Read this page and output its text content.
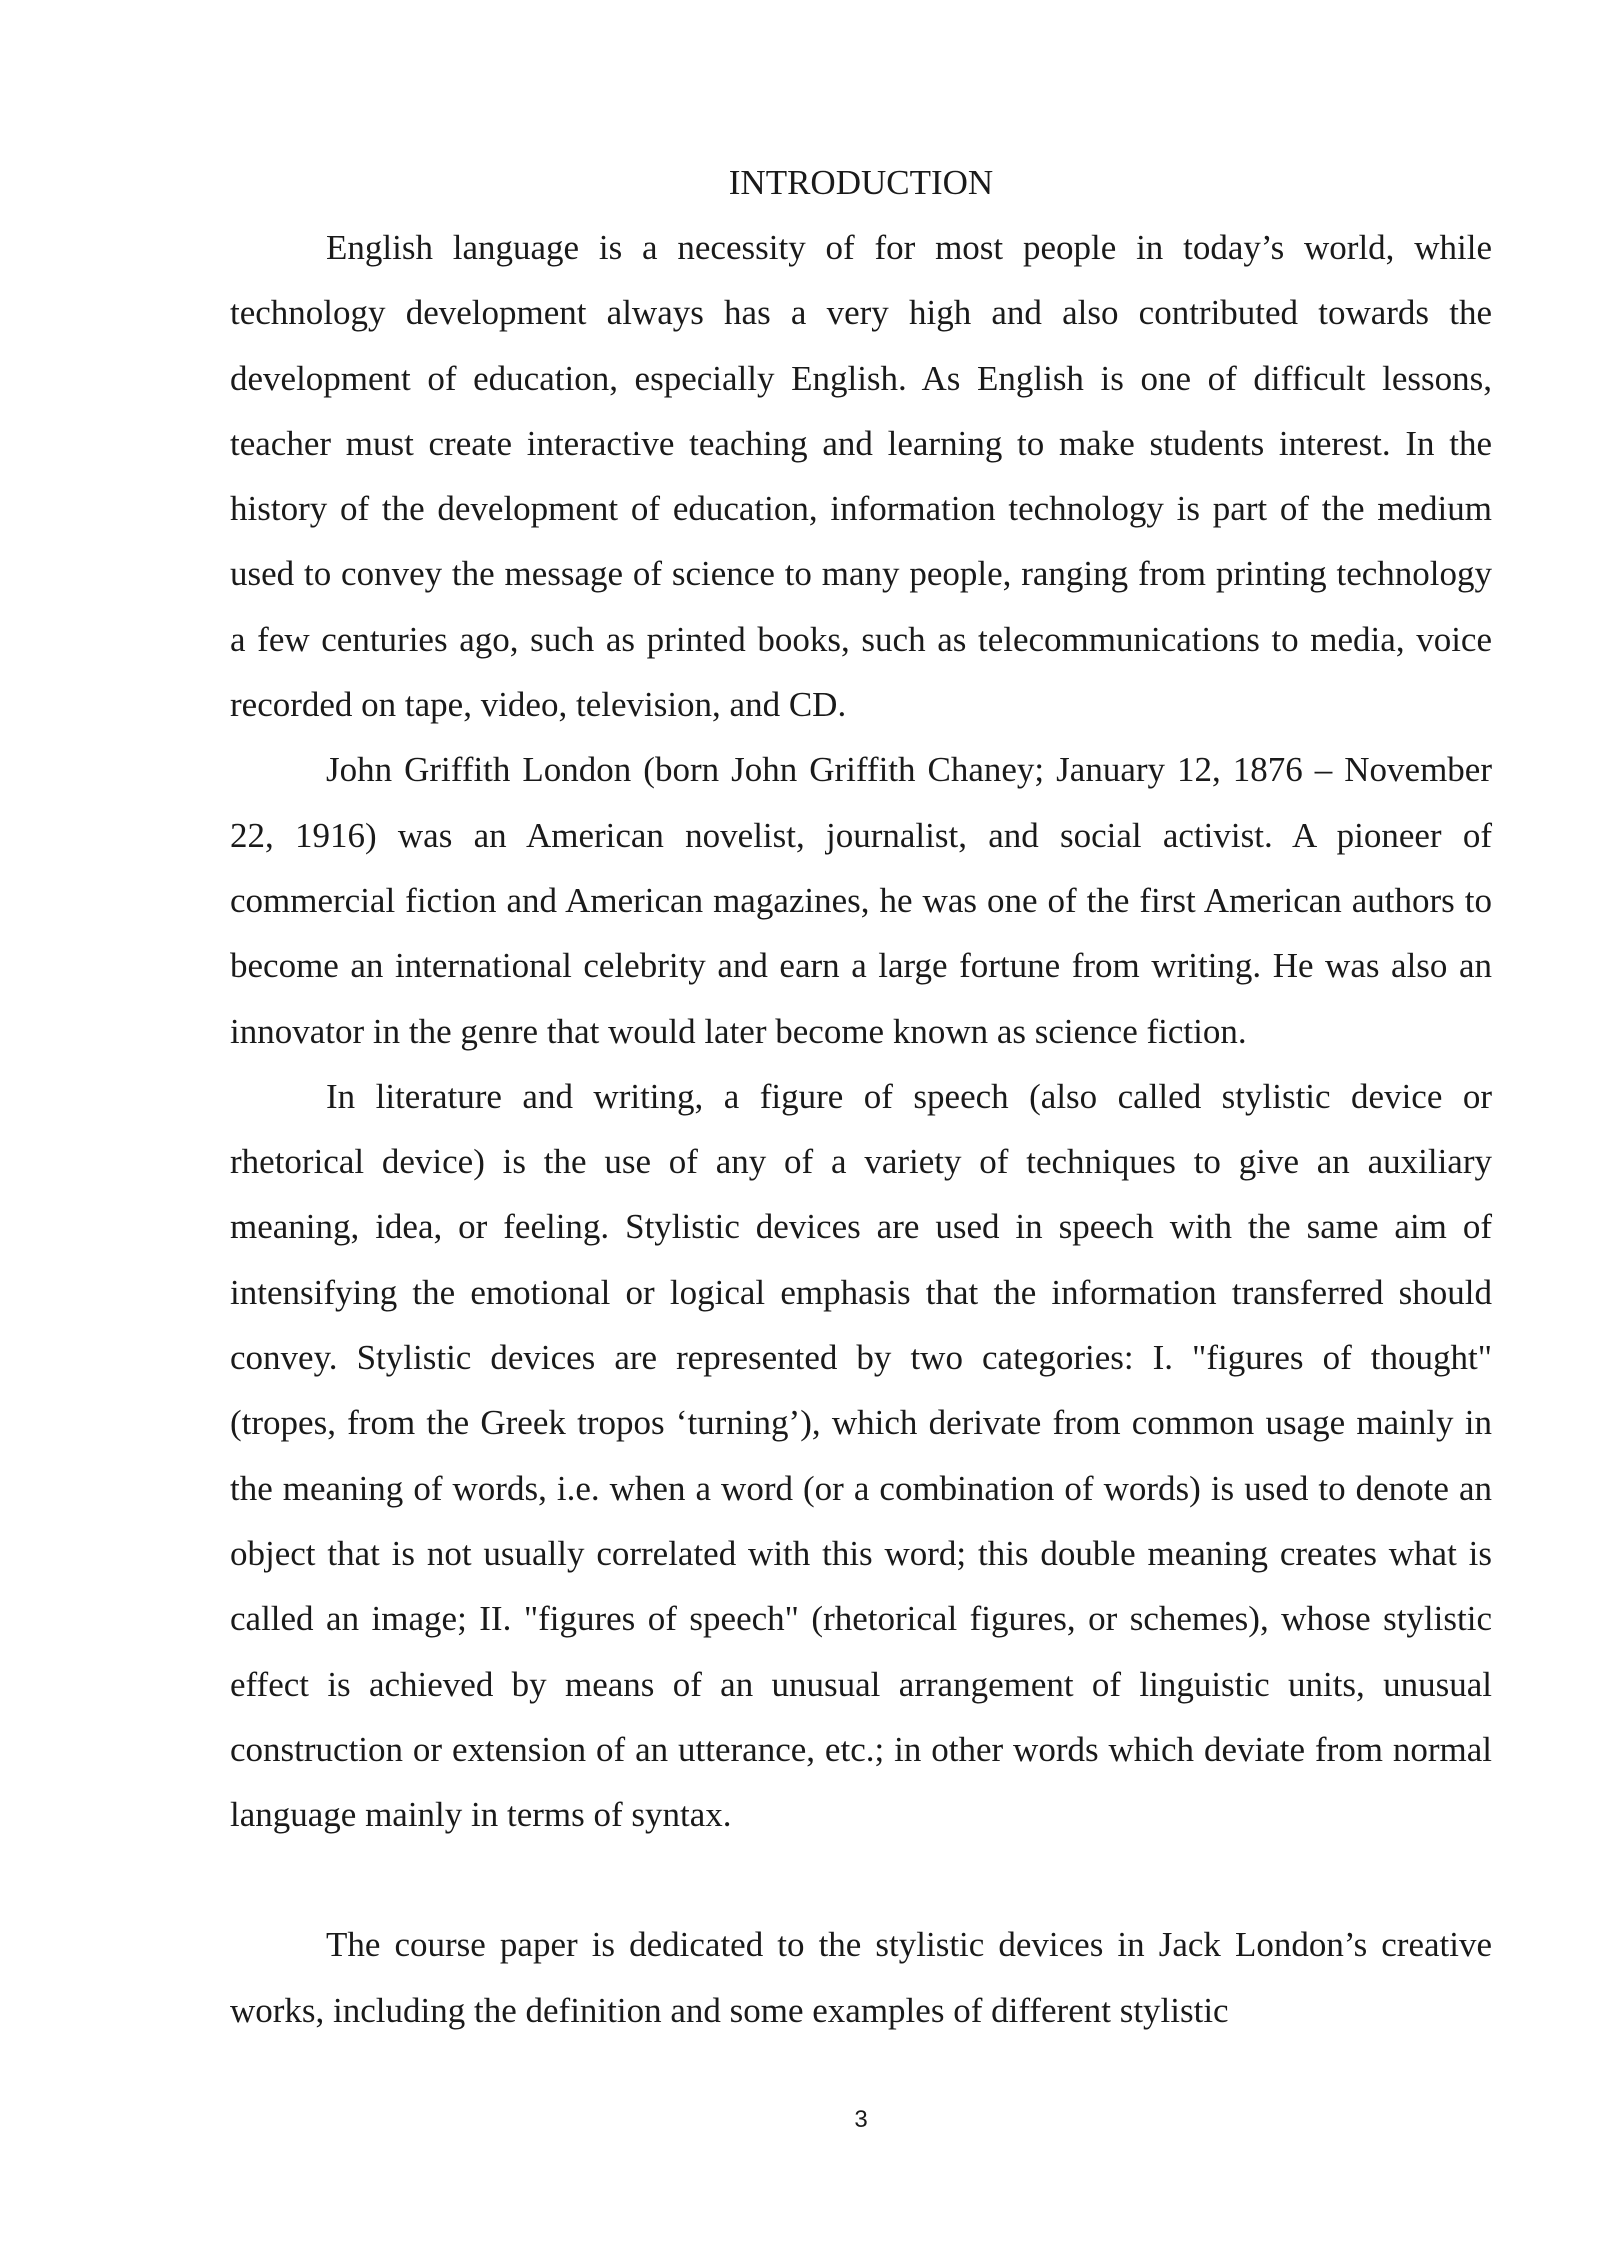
INTRODUCTION

English language is a necessity of for most people in today’s world, while technology development always has a very high and also contributed towards the development of education, especially English. As English is one of difficult lessons, teacher must create interactive teaching and learning to make students interest. In the history of the development of education, information technology is part of the medium used to convey the message of science to many people, ranging from printing technology a few centuries ago, such as printed books, such as telecommunications to media, voice recorded on tape, video, television, and CD.

John Griffith London (born John Griffith Chaney; January 12, 1876 – November 22, 1916) was an American novelist, journalist, and social activist. A pioneer of commercial fiction and American magazines, he was one of the first American authors to become an international celebrity and earn a large fortune from writing. He was also an innovator in the genre that would later become known as science fiction.

In literature and writing, a figure of speech (also called stylistic device or rhetorical device) is the use of any of a variety of techniques to give an auxiliary meaning, idea, or feeling. Stylistic devices are used in speech with the same aim of intensifying the emotional or logical emphasis that the information transferred should convey. Stylistic devices are represented by two categories: I. "figures of thought" (tropes, from the Greek tropos ‘turning’), which derivate from common usage mainly in the meaning of words, i.e. when a word (or a combination of words) is used to denote an object that is not usually correlated with this word; this double meaning creates what is called an image; II. "figures of speech" (rhetorical figures, or schemes), whose stylistic effect is achieved by means of an unusual arrangement of linguistic units, unusual construction or extension of an utterance, etc.; in other words which deviate from normal language mainly in terms of syntax.

The course paper is dedicated to the stylistic devices in Jack London’s creative works, including the definition and some examples of different stylistic

3
